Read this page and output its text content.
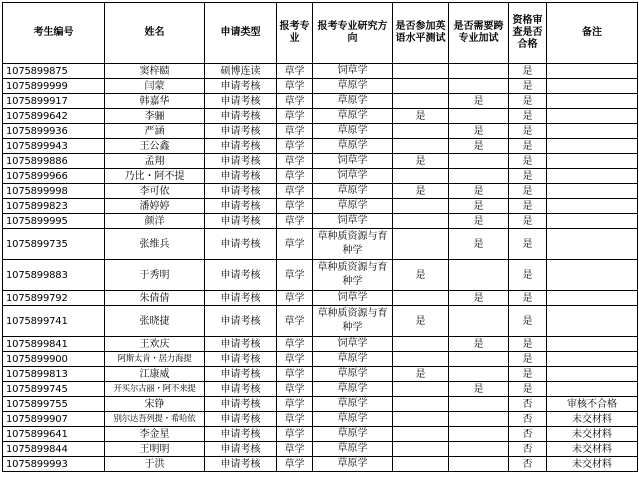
考生编号	姓名	申请类型	报考专业	报考专业研究方向	是否参加英语水平测试	是否需要跨专业加试	资格审查是否合格	备注
1075899875	窦梓赜	硕博连读	草学	饲草学			是	
1075899999	闫蒙	申请考核	草学	草原学			是	
1075899917	韩嘉华	申请考核	草学	草原学		是	是	
1075899642	李骊	申请考核	草学	草原学	是		是	
1075899936	严涵	申请考核	草学	草原学		是	是	
1075899943	王公鑫	申请考核	草学	草原学		是	是	
1075899886	孟翔	申请考核	草学	饲草学	是		是	
1075899966	乃比・阿不提	申请考核	草学	饲草学			是	
1075899998	李可依	申请考核	草学	草原学	是	是	是	
1075899823	潘婷婷	申请考核	草学	草原学		是	是	
1075899995	颜洋	申请考核	草学	饲草学		是	是	
1075899735	张维兵	申请考核	草学	草种质资源与育种学		是	是	
1075899883	于秀明	申请考核	草学	草种质资源与育种学	是		是	
1075899792	朱倩倩	申请考核	草学	饲草学		是	是	
1075899741	张晓捷	申请考核	草学	草种质资源与育种学	是		是	
1075899841	王欢庆	申请考核	草学	饲草学		是	是	
1075899900	阿斯太肯・居力海提	申请考核	草学	草原学			是	
1075899813	江康威	申请考核	草学	草原学	是		是	
1075899745	开买尔古丽・阿不来提	申请考核	草学	草原学		是	是	
1075899755	宋铮	申请考核	草学	草原学			否	审核不合格
1075899907	别尔达吾列提・希哈依	申请考核	草学	草原学			否	未交材料
1075899641	李金星	申请考核	草学	草原学			否	未交材料
1075899844	王明明	申请考核	草学	草原学			否	未交材料
1075899993	于洪	申请考核	草学	草原学			否	未交材料
